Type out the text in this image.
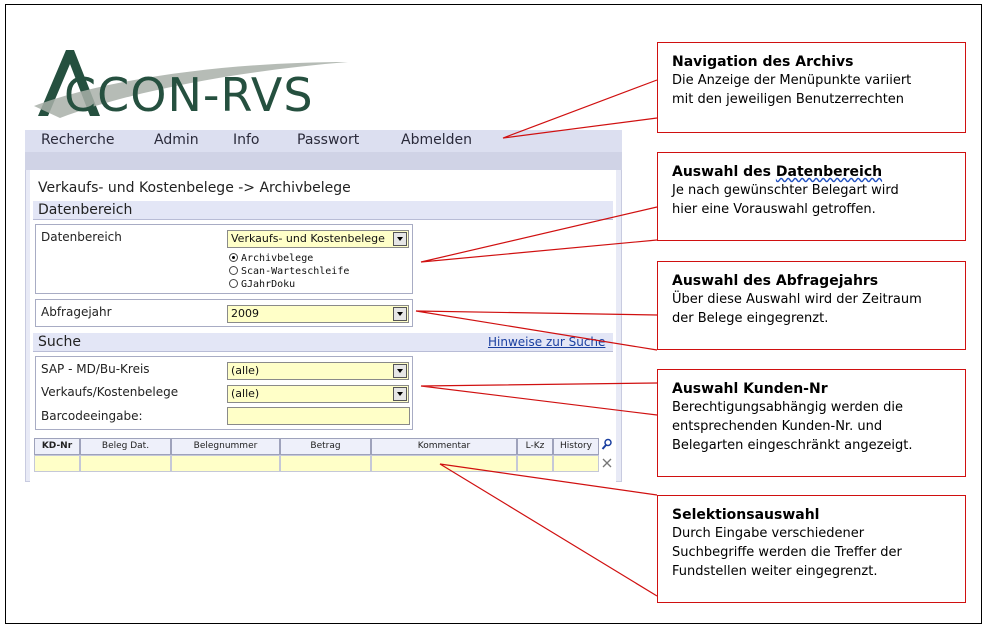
CCON-RVS
Recherche	Admin Info	Passwort	Abmelden
Verkaufs- und Kostenbelege -> Archivbelege
Datenbereich
Datenbereich	Verkaufs- und Kostenbelege
Archivbelege
Scan-Warteschleife
GJahrDoku
Abfragejahr	2009
Suche	Hinweise zur Suche
SAP - MD/Bu-Kreis	(alle)
Verkaufs/Kostenbelege	(alle)
Barcodeeingabe:
KD-Nr	Beleg Dat.	Belegnummer	Betrag	Kommentar	L-Kz	History
Navigation des Archivs
Die Anzeige der Menüpunkte variiert
mit den jeweiligen Benutzerrechten
Auswahl des Datenbereich
Je nach gewünschter Belegart wird
hier eine Vorauswahl getroffen.
Auswahl des Abfragejahrs
Über diese Auswahl wird der Zeitraum
der Belege eingegrenzt.
Auswahl Kunden-Nr
Berechtigungsabhängig werden die
entsprechenden Kunden-Nr. und
Belegarten eingeschränkt angezeigt.
Selektionsauswahl
Durch Eingabe verschiedener
Suchbegriffe werden die Treffer der
Fundstellen weiter eingegrenzt.
